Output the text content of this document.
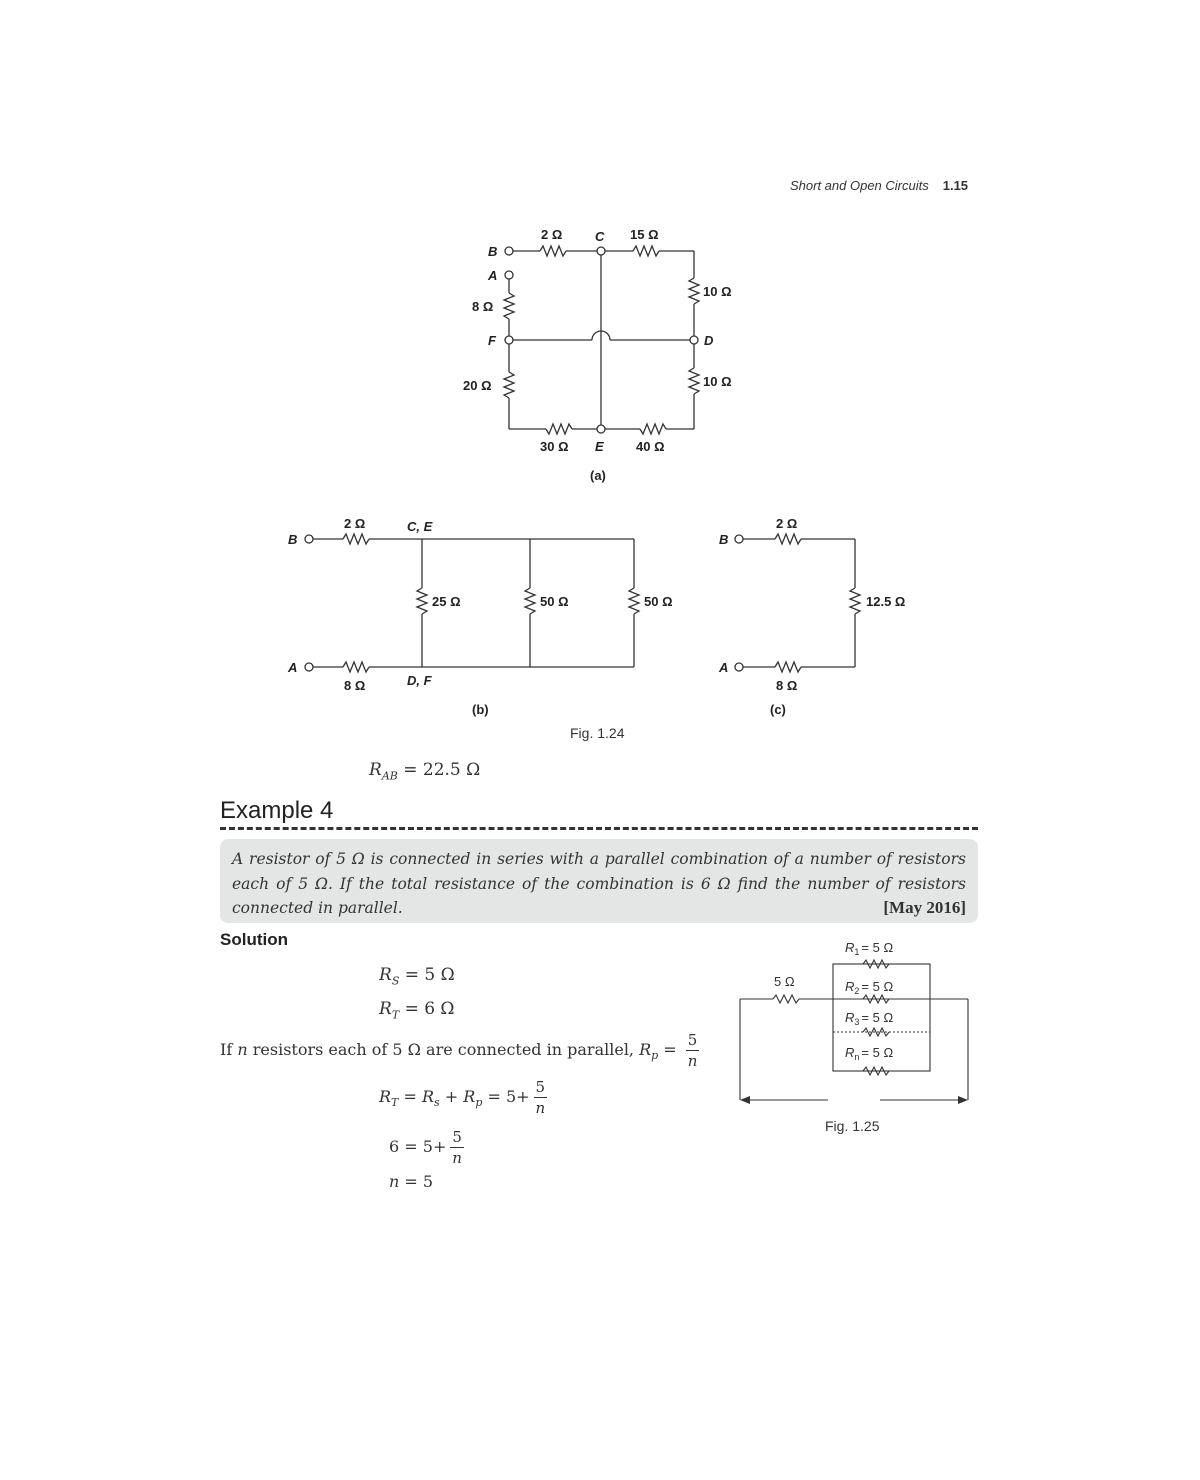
Short and Open Circuits 1.15
B
A
C
F	D
E
2 Ω	15 Ω
10 Ω
8 Ω
10 Ω
20 Ω
30 Ω	40 Ω
(a)
B
A
C, E
D, F
2 Ω
8 Ω
25 Ω	50 Ω	50 Ω
(b)
B
A
2 Ω
8 Ω
12.5 Ω
(c)
Fig. 1.24
$R_{AB} = 22.5$ Ω
Example 4
A resistor of 5 Ω is connected in series with a parallel combination of a number of resistors each of 5 Ω. If the total resistance of the combination is 6 Ω find the number of resistors connected in parallel.	[May 2016]
Solution
$R_S = 5$ Ω
$R_T = 6$ Ω
If n resistors each of 5 Ω are connected in parallel, $R_p = \frac{5}{n}$
$R_T = R_s + R_p = 5+ \frac{5}{n}$
$6 = 5+ \frac{5}{n}$
n = 5
5 Ω
$R_1 = 5$ Ω
$R_2 = 5$ Ω
$R_3 = 5$ Ω
$R_n = 5$ Ω
Fig. 1.25
